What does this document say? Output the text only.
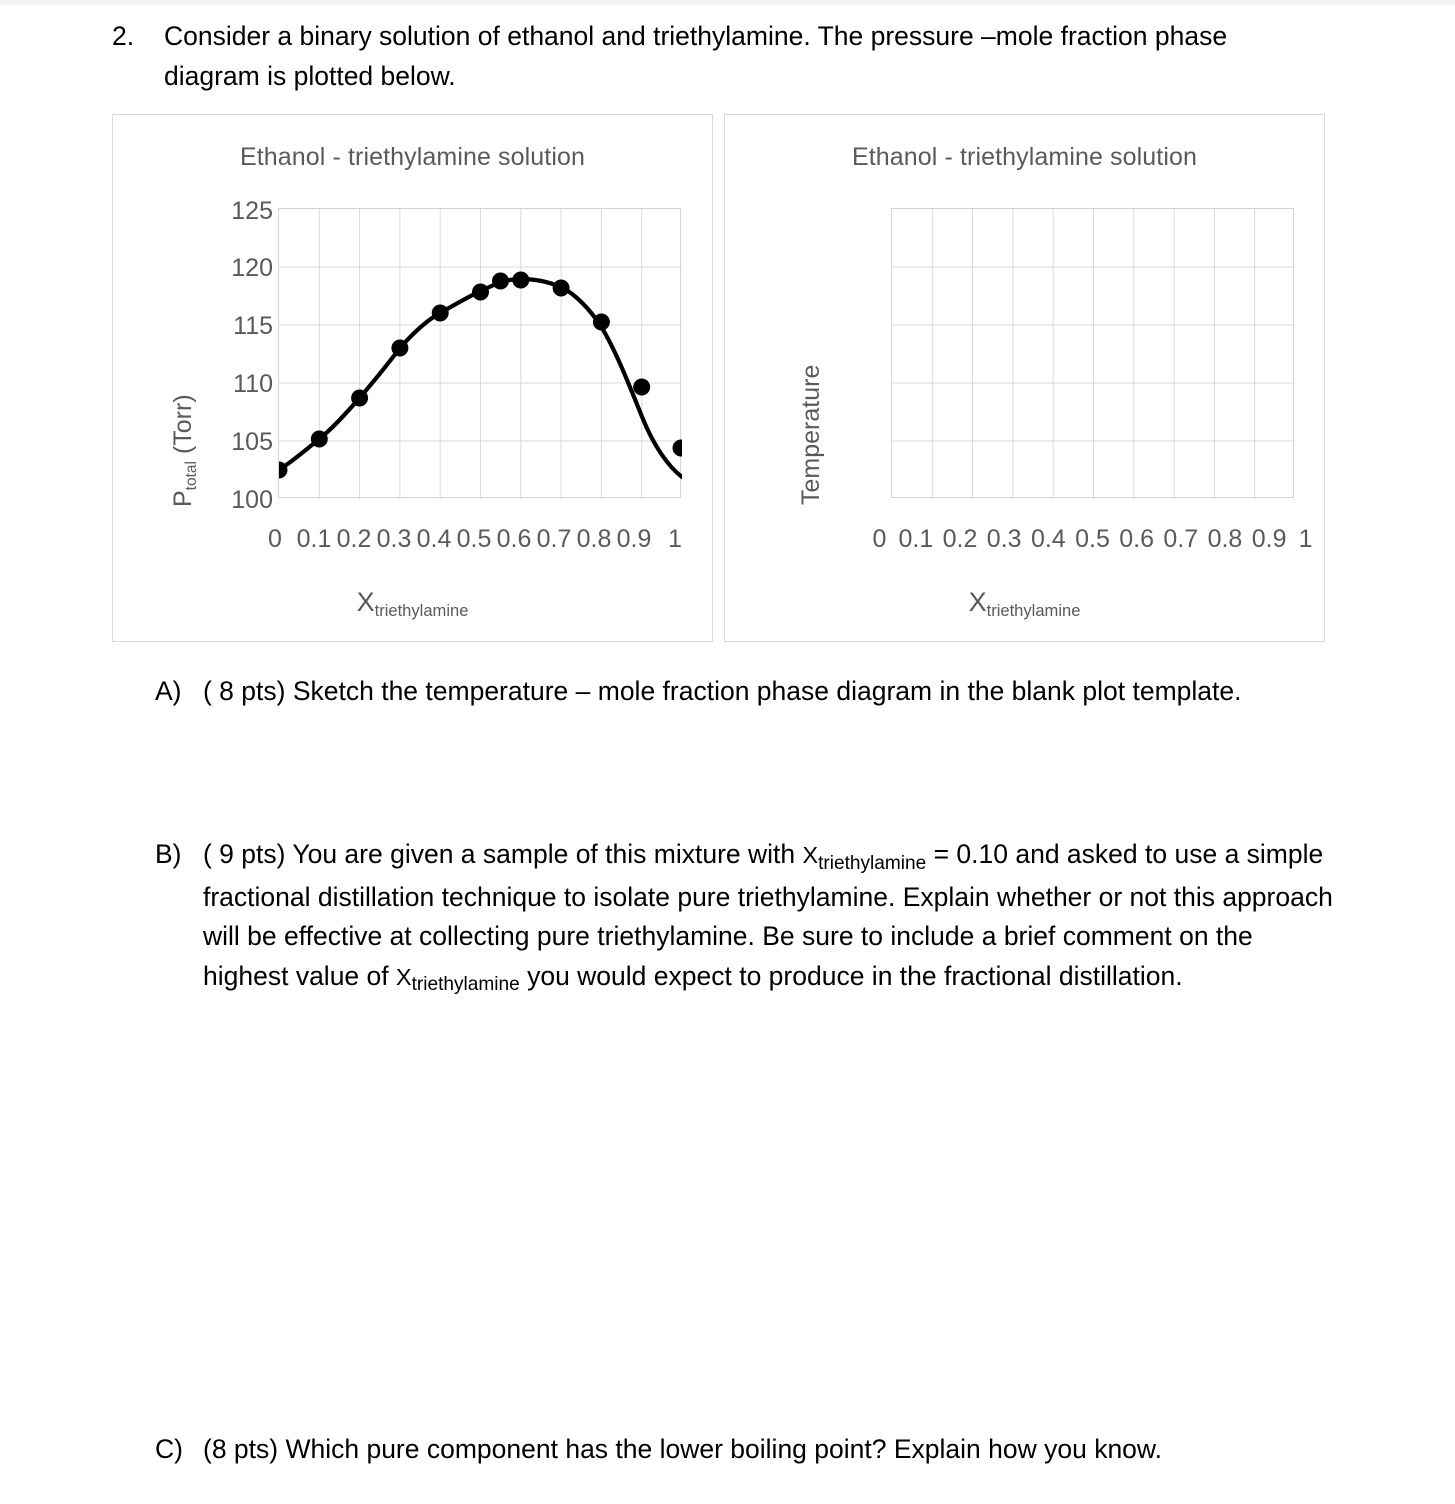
2.	Consider a binary solution of ethanol and triethylamine. The pressure –mole fraction phase diagram is plotted below.
Ethanol - triethylamine solution
$P_{total}$ (Torr)
125
120
115
110
105
100
0 0.1 0.2 0.3 0.4 0.5 0.6 0.7 0.8 0.9 1
$X_{triethylamine}$
Ethanol - triethylamine solution
Temperature
0 0.1 0.2 0.3 0.4 0.5 0.6 0.7 0.8 0.9 1
$X_{triethylamine}$
A) ( 8 pts) Sketch the temperature – mole fraction phase diagram in the blank plot template.
B) ( 9 pts) You are given a sample of this mixture with $X_{triethylamine} = 0.10$ and asked to use a simple fractional distillation technique to isolate pure triethylamine. Explain whether or not this approach will be effective at collecting pure triethylamine. Be sure to include a brief comment on the highest value of $X_{triethylamine}$ you would expect to produce in the fractional distillation.
C) (8 pts) Which pure component has the lower boiling point? Explain how you know.
